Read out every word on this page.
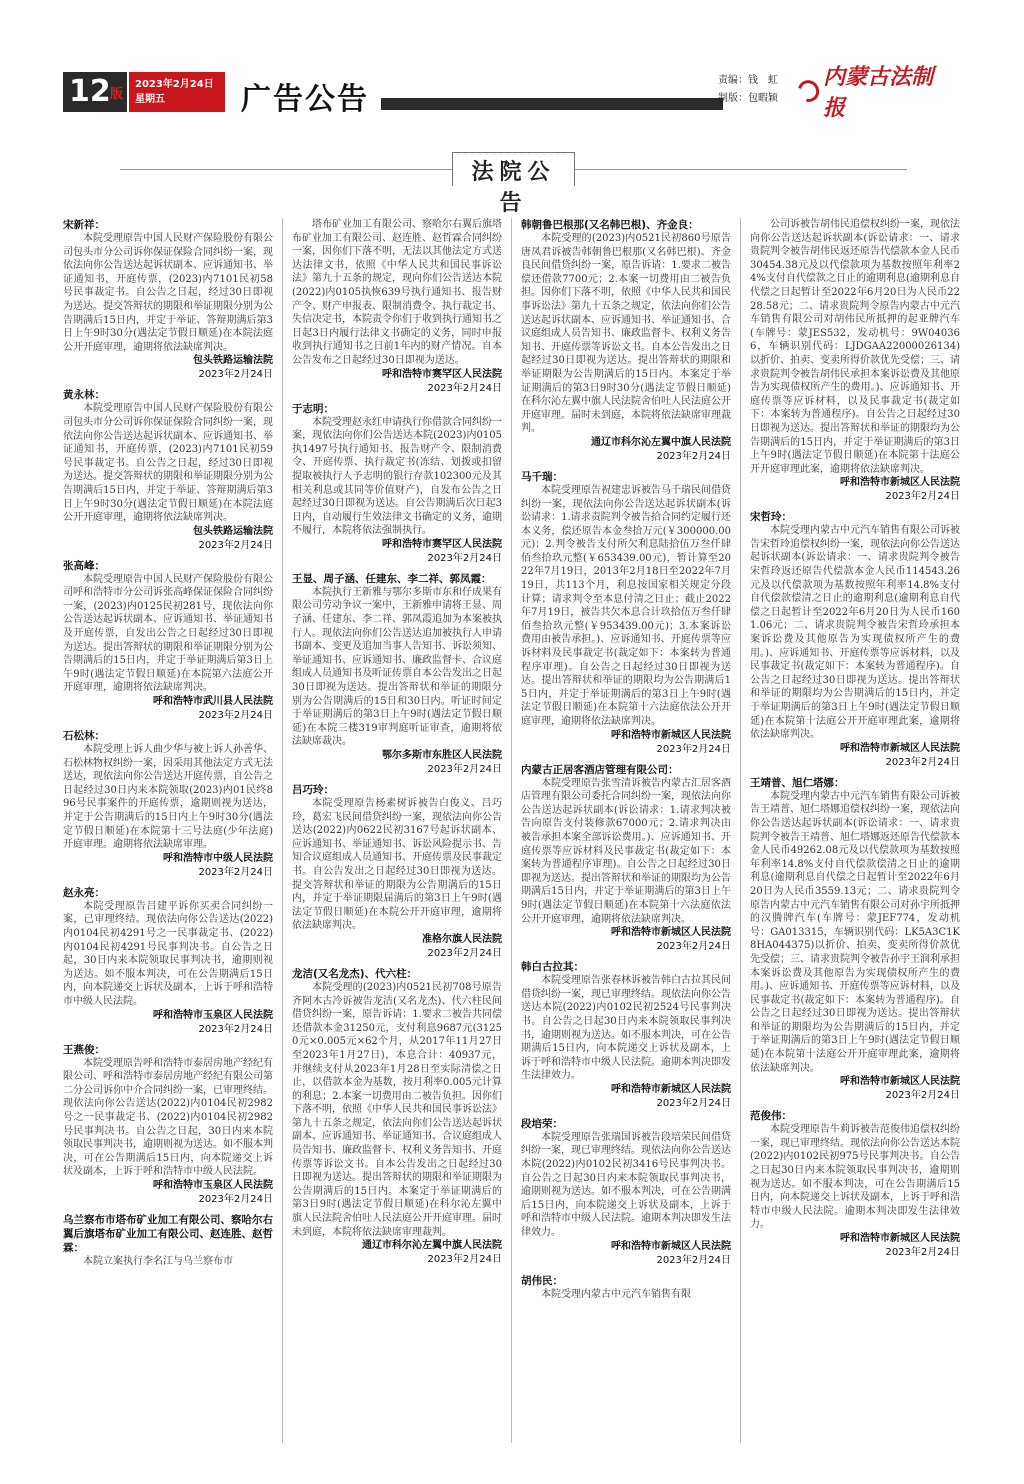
12 版
2023年2月24日
星期五	广告公告
责编：钱　虹
制版：包暇颖
内蒙古法制报
法院公告
宋新祥：
本院受理原告中国人民财产保险股份有限公司包头市分公司诉你保证保险合同纠纷一案，现依法向你公告送达起诉状副本、应诉通知书、举证通知书，开庭传票，(2023)内7101民初58号民事裁定书。自公告之日起，经过30日即视为送达。提交答辩状的期限和举证期限分别为公告期满后15日内，并定于举证、答辩期满后第3日上午9时30分(遇法定节假日顺延)在本院法庭公开开庭审理，逾期将依法缺席判决。
包头铁路运输法院
2023年2月24日
黄永林：
本院受理原告中国人民财产保险股份有限公司包头市分公司诉你保证保险合同纠纷一案，现依法向你公告送达起诉状副本、应诉通知书、举证通知书，开庭传票，(2023)内7101民初59号民事裁定书。自公告之日起，经过30日即视为送达。提交答辩状的期限和举证期限分别为公告期满后15日内，并定于举证、答辩期满后第3日上午9时30分(遇法定节假日顺延)在本院法庭公开开庭审理，逾期将依法缺席判决。
包头铁路运输法院
2023年2月24日
张高峰：
本院受理原告中国人民财产保险股份有限公司呼和浩特市分公司诉张高峰保证保险合同纠纷一案，(2023)内0125民初281号，现依法向你公告送达起诉状副本、应诉通知书、举证通知书及开庭传票，自发出公告之日起经过30日即视为送达。提出答辩状的期限和举证期限分别为公告期满后的15日内，并定于举证期满后第3日上午9时(遇法定节假日顺延)在本院第六法庭公开开庭审理，逾期将依法缺席判决。
呼和浩特市武川县人民法院
2023年2月24日
石松林：
本院受理上诉人曲少华与被上诉人孙善华、石松林物权纠纷一案，因采用其他法定方式无法送达，现依法向你公告送达开庭传票，自公告之日起经过30日内来本院领取(2023)内01民终896号民事案件的开庭传票，逾期则视为送达，并定于公告期满后的15日内上午9时30分(遇法定节假日顺延)在本院第十三号法庭(少年法庭)开庭审理。逾期将依法缺席审理。
呼和浩特市中级人民法院
2023年2月24日
赵永亮：
本院受理原告吕建平诉你买卖合同纠纷一案，已审理终结。现依法向你公告送达(2022)内0104民初4291号之一民事裁定书、(2022)内0104民初4291号民事判决书。自公告之日起，30日内来本院领取民事判决书，逾期则视为送达。如不服本判决，可在公告期满后15日内，向本院递交上诉状及副本，上诉于呼和浩特市中级人民法院。
呼和浩特市玉泉区人民法院
2023年2月24日
王燕俊：
本院受理原告呼和浩特市泰居房地产经纪有限公司、呼和浩特市泰居房地产经纪有限公司第二分公司诉你中介合同纠纷一案，已审理终结。现依法向你公告送达(2022)内0104民初2982号之一民事裁定书、(2022)内0104民初2982号民事判决书。自公告之日起，30日内来本院领取民事判决书，逾期则视为送达。如不服本判决，可在公告期满后15日内，向本院递交上诉状及副本，上诉于呼和浩特市中级人民法院。
呼和浩特市玉泉区人民法院
2023年2月24日
乌兰察布市塔布矿业加工有限公司、察哈尔右翼后旗塔布矿业加工有限公司、赵连胜、赵哲霖：
本院立案执行李名江与乌兰察布市
塔布矿业加工有限公司、察哈尔右翼后旗塔布矿业加工有限公司、赵连胜、赵哲霖合同纠纷一案，因你们下落不明，无法以其他法定方式送达法律文书，依照《中华人民共和国民事诉讼法》第九十五条的规定，现向你们公告送达本院(2022)内0105执恢639号执行通知书、报告财产令、财产申报表、限制消费令、执行裁定书、失信决定书，本院责令你们于收到执行通知书之日起3日内履行法律文书确定的义务，同时申报收到执行通知书之日前1年内的财产情况。自本公告发布之日起经过30日即视为送达。
呼和浩特市赛罕区人民法院
2023年2月24日
于志明：
本院受理赵永红申请执行你借款合同纠纷一案，现依法向你们公告送达本院(2023)内0105执1497号执行通知书、报告财产令、限制消费令、开庭传票、执行裁定书(冻结、划拨或扣留提取被执行人予志明的银行存款102300元及其相关利息或其同等价值财产)，自发布公告之日起经过30日即视为送达。自公告期满后次日起3日内，自动履行生效法律文书确定的义务，逾期不履行，本院将依法强制执行。
呼和浩特市赛罕区人民法院
2023年2月24日
王显、周子涵、任建东、李二祥、郭凤霞：
本院执行王新雅与鄂尔多斯市东和仔成果有限公司劳动争议一案中，王新雅申请将王显、周子涵、任建东、李二祥、郭凤霞追加为本案被执行人。现依法向你们公告送达追加被执行人申请书副本、变更及追加当事人告知书、诉讼须知、举证通知书、应诉通知书、廉政监督卡、合议庭组成人员通知书及听证传票自本公告发出之日起30日即视为送达。提出答辩状和举证的期限分别为公告期满后的15日和30日内。听证时间定于举证期满后的第3日上午9时(遇法定节假日顺延)在本院三楼319审判庭听证审查，逾期将依法缺席裁决。
鄂尔多斯市东胜区人民法院
2023年2月24日
吕巧玲：
本院受理原告杨素树诉被告白俊义、吕巧玲，葛宏飞民间借贷纠纷一案，现依法向你公告送达(2022)内0622民初3167号起诉状副本、应诉通知书、举证通知书、诉讼风险提示书、告知合议庭组成人员通知书、开庭传票及民事裁定书。自公告发出之日起经过30日即视为送达。提交答辩状和举证的期限为公告期满后的15日内，并定于举证期限届满后的第3日上午9时(遇法定节假日顺延)在本院公开开庭审理，逾期将依法缺席判决。
准格尔旗人民法院
2023年2月24日
龙洁(又名龙杰)、代六柱：
本院受理的(2023)内0521民初708号原告齐阿木古冷诉被告龙洁(又名龙杰)、代六柱民间借贷纠纷一案，原告诉请：1.要求二被告共同偿还借款本金31250元，支付利息9687元(31250元×0.005元×62个月，从2017年11月27日至2023年1月27日)，本息合计：40937元，并继续支付从2023年1月28日至实际清偿之日止，以借款本金为基数，按月利率0.005元计算的利息；2.本案一切费用由二被告负担。因你们下落不明，依照《中华人民共和国民事诉讼法》第九十五条之规定，依法向你们公告送达起诉状副本、应诉通知书、举证通知书、合议庭组成人员告知书、廉政监督卡、权利义务告知书、开庭传票等诉讼文书。自本公告发出之日起经过30日即视为送达。提出答辩状的期限和举证期限为公告期满后的15日内。本案定于举证期满后的第3日9时(遇法定节假日顺延)在科尔沁左翼中旗人民法院舍伯吐人民法庭公开开庭审理。届时未到庭，本院将依法缺席审理裁判。
通辽市科尔沁左翼中旗人民法院
2023年2月24日
韩朝鲁巴根那(又名韩巴根)、齐金良：
本院受理的(2023)内0521民初860号原告唐凤君诉被告韩朝鲁巴根那(又名韩巴根)、齐金良民间借贷纠纷一案，原告诉请：1.要求二被告偿还借款7700元；2.本案一切费用由二被告负担。因你们下落不明，依照《中华人民共和国民事诉讼法》第九十五条之规定，依法向你们公告送达起诉状副本、应诉通知书、举证通知书、合议庭组成人员告知书、廉政监督卡、权利义务告知书、开庭传票等诉讼文书。自本公告发出之日起经过30日即视为送达。提出答辩状的期限和举证期限为公告期满后的15日内。本案定于举证期满后的第3日9时30分(遇法定节假日顺延)在科尔沁左翼中旗人民法院舍伯吐人民法庭公开开庭审理。届时未到庭，本院将依法缺席审理裁判。
通辽市科尔沁左翼中旗人民法院
2023年2月24日
马千瑞：
本院受理原告祝建忠诉被告马千瑞民间借贷纠纷一案，现依法向你公告送达起诉状副本(诉讼请求：1.请求责院判令被告拾合同约定履行还本义务，偿还原告本金叁拾万元(￥300000.00元)；2.判令被告支付所欠利息陆拾伍万叁仟肆佰叁拾玖元整(￥653439.00元)，暂计算至2022年7月19日，2013年2月18日至2022年7月19日，共113个月，利息按国家相关规定分段计算；请求判令至本息付清之日止；截止2022年7月19日，被告共欠本息合计玖拾伍万叁仟肆佰叁拾玖元整(￥953439.00元)；3.本案诉讼费用由被告承担。)、应诉通知书、开庭传票等应诉材料及民事裁定书(裁定如下：本案转为普通程序审理)。自公告之日起经过30日即视为送达。提出答辩状和举证的期限均为公告期满后15日内，并定于举证期满后的第3日上午9时(遇法定节假日顺延)在本院第十六法庭依法公开开庭审理，逾期将依法缺席判决。
呼和浩特市新城区人民法院
2023年2月24日
内蒙古正居客酒店管理有限公司：
本院受理原告张雪清诉被告内蒙古汇居客酒店管理有限公司委托合同纠纷一案，现依法向你公告送达起诉状副本(诉讼请求：1.请求判决被告向原告支付装修款67000元；2.请求判决由被告承担本案全部诉讼费用。)、应诉通知书、开庭传票等应诉材料及民事裁定书(裁定如下：本案转为普通程序审理)。自公告之日起经过30日即视为送达。提出答辩状和举证的期限均为公告期满后15日内，并定于举证期满后的第3日上午9时(遇法定节假日顺延)在本院第十六法庭依法公开开庭审理，逾期将依法缺席判决。
呼和浩特市新城区人民法院
2023年2月24日
韩白古拉其：
本院受理原告张春林诉被告韩白古拉其民间借贷纠纷一案，现已审理终结。现依法向你公告送达本院(2022)内0102民初2524号民事判决书。自公告之日起30日内来本院领取民事判决书，逾期则视为送达。如不服本判决，可在公告期满后15日内，向本院递交上诉状及副本，上诉于呼和浩特市中级人民法院。逾期本判决即发生法律效力。
呼和浩特市新城区人民法院
2023年2月24日
段培荣：
本院受理原告张瑞国诉被告段培荣民间借贷纠纷一案，现已审理终结。现依法向你公告送达本院(2022)内0102民初3416号民事判决书。自公告之日起30日内来本院领取民事判决书，逾期则视为送达。如不服本判决，可在公告期满后15日内，向本院递交上诉状及副本，上诉于呼和浩特市中级人民法院。逾期本判决即发生法律效力。
呼和浩特市新城区人民法院
2023年2月24日
胡伟民：
本院受理内蒙古中元汽车销售有限
公司诉被告胡伟民追偿权纠纷一案，现依法向你公告送达起诉状副本(诉讼请求：一、请求贵院判令被告胡伟民返还原告代偿款本金人民币30454.38元及以代偿款项为基数按照年利率24%支付自代偿款之日止的逾期利息(逾期利息自代偿之日起暂计至2022年6月20日为人民币2228.58元；二、请求贵院判令原告内蒙古中元汽车销售有限公司对胡伟民所抵押的起亚牌汽车(车牌号：蒙JES532，发动机号：9W040366，车辆识别代码：LJDGAA22000026134)以折价、拍卖、变卖所得价款优先受偿；三、请求贵院判令被告胡伟民承担本案诉讼费及其他原告为实现债权所产生的费用。)、应诉通知书、开庭传票等应诉材料，以及民事裁定书(裁定如下：本案转为普通程序)。自公告之日起经过30日即视为送达。提出答辩状和举证的期限均为公告期满后的15日内，并定于举证期满后的第3日上午9时(遇法定节假日顺延)在本院第十法庭公开开庭审理此案，逾期将依法缺席判决。
呼和浩特市新城区人民法院
2023年2月24日
宋哲玲：
本院受理内蒙古中元汽车销售有限公司诉被告宋哲玲追偿权纠纷一案，现依法向你公告送达起诉状副本(诉讼请求：一、请求贵院判令被告宋哲玲返还原告代偿款本金人民币114543.26元及以代偿款项为基数按照年利率14.8%支付自代偿款偿清之日止的逾期利息(逾期利息自代偿之日起暂计至2022年6月20日为人民币1601.06元；二、请求贵院判令被告宋哲玲承担本案诉讼费及其他原告为实现债权所产生的费用。)、应诉通知书、开庭传票等应诉材料，以及民事裁定书(裁定如下：本案转为普通程序)。自公告之日起经过30日即视为送达。提出答辩状和举证的期限均为公告期满后的15日内，并定于举证期满后的第3日上午9时(遇法定节假日顺延)在本院第十法庭公开开庭审理此案，逾期将依法缺席判决。
呼和浩特市新城区人民法院
2023年2月24日
王靖普、旭仁塔娜：
本院受理内蒙古中元汽车销售有限公司诉被告王靖普、旭仁塔娜追偿权纠纷一案，现依法向你公告送达起诉状副本(诉讼请求：一、请求贵院判令被告王靖普、旭仁塔娜返还原告代偿款本金人民币49262.08元及以代偿款项为基数按照年利率14.8%支付自代偿款偿清之日止的逾期利息(逾期利息自代偿之日起暂计至2022年6月20日为人民币3559.13元；二、请求贵院判令原告内蒙古中元汽车销售有限公司对孙宇所抵押的汉腾牌汽车(车牌号：蒙JEF774，发动机号：GA013315，车辆识别代码：LK5A3C1K8HA044375)以折价、拍卖、变卖所得价款优先受偿；三、请求贵院判令被告孙宇王润利承担本案诉讼费及其他原告为实现债权所产生的费用。)、应诉通知书、开庭传票等应诉材料，以及民事裁定书(裁定如下：本案转为普通程序)。自公告之日起经过30日即视为送达。提出答辩状和举证的期限均为公告期满后的15日内，并定于举证期满后的第3日上午9时(遇法定节假日顺延)在本院第十法庭公开开庭审理此案，逾期将依法缺席判决。
呼和浩特市新城区人民法院
2023年2月24日
范俊伟：
本院受理原告牛莉诉被告范俊伟追偿权纠纷一案，现已审理终结。现依法向你公告送达本院(2022)内0102民初975号民事判决书。自公告之日起30日内来本院领取民事判决书，逾期则视为送达。如不服本判决，可在公告期满后15日内，向本院递交上诉状及副本，上诉于呼和浩特市中级人民法院。逾期本判决即发生法律效力。
呼和浩特市新城区人民法院
2023年2月24日
